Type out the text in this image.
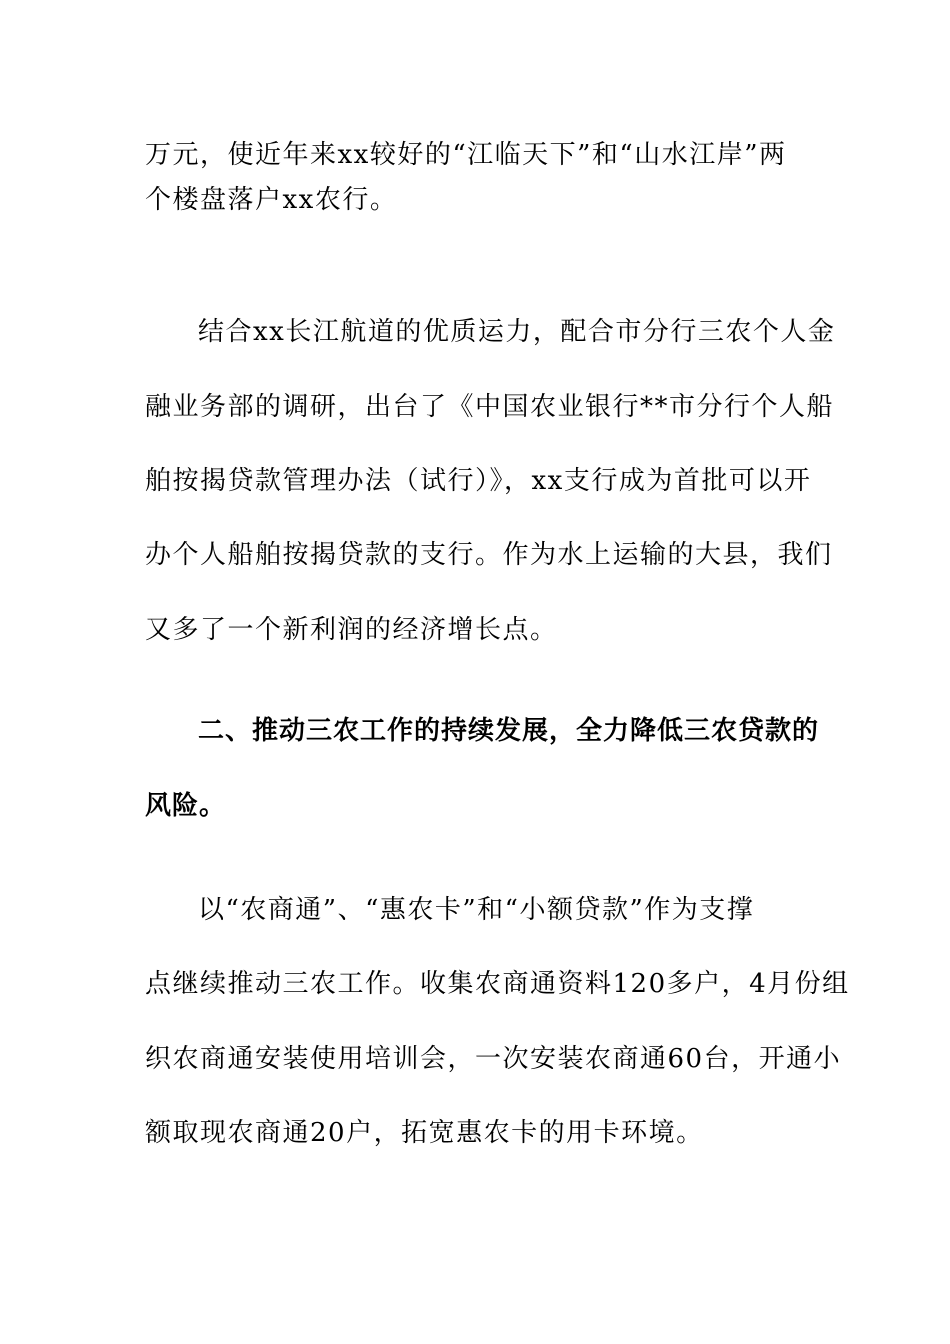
万元，使近年来xx较好的“江临天下”和“山水江岸”两
个楼盘落户xx农行。
结合xx长江航道的优质运力，配合市分行三农个人金
融业务部的调研，出台了《中国农业银行**市分行个人船
舶按揭贷款管理办法（试行）》，xx支行成为首批可以开
办个人船舶按揭贷款的支行。作为水上运输的大县，我们
又多了一个新利润的经济增长点。
二、推动三农工作的持续发展，全力降低三农贷款的
风险。
以“农商通”、“惠农卡”和“小额贷款”作为支撑
点继续推动三农工作。收集农商通资料120多户，4月份组
织农商通安装使用培训会，一次安装农商通60台，开通小
额取现农商通20户，拓宽惠农卡的用卡环境。
